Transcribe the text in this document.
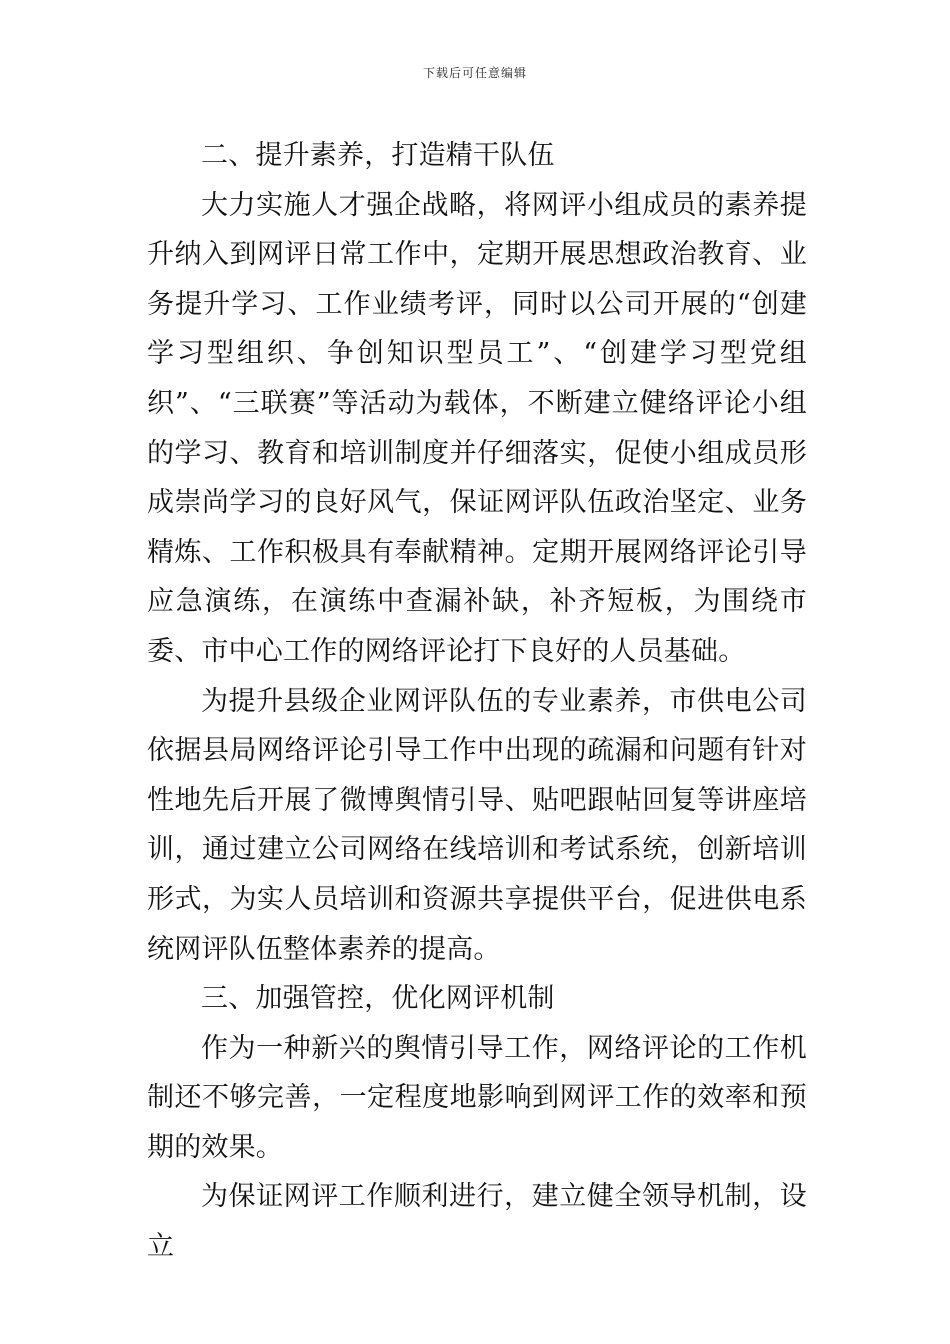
下载后可任意编辑

二、提升素养，打造精干队伍

大力实施人才强企战略，将网评小组成员的素养提升纳入到网评日常工作中，定期开展思想政治教育、业务提升学习、工作业绩考评，同时以公司开展的“创建学习型组织、争创知识型员工”、“创建学习型党组织”、“三联赛”等活动为载体，不断建立健络评论小组的学习、教育和培训制度并仔细落实，促使小组成员形成崇尚学习的良好风气，保证网评队伍政治坚定、业务精炼、工作积极具有奉献精神。定期开展网络评论引导应急演练，在演练中查漏补缺，补齐短板，为围绕市委、市中心工作的网络评论打下良好的人员基础。

为提升县级企业网评队伍的专业素养，市供电公司依据县局网络评论引导工作中出现的疏漏和问题有针对性地先后开展了微博舆情引导、贴吧跟帖回复等讲座培训，通过建立公司网络在线培训和考试系统，创新培训形式，为实人员培训和资源共享提供平台，促进供电系统网评队伍整体素养的提高。

三、加强管控，优化网评机制

作为一种新兴的舆情引导工作，网络评论的工作机制还不够完善，一定程度地影响到网评工作的效率和预期的效果。

为保证网评工作顺利进行，建立健全领导机制，设立
